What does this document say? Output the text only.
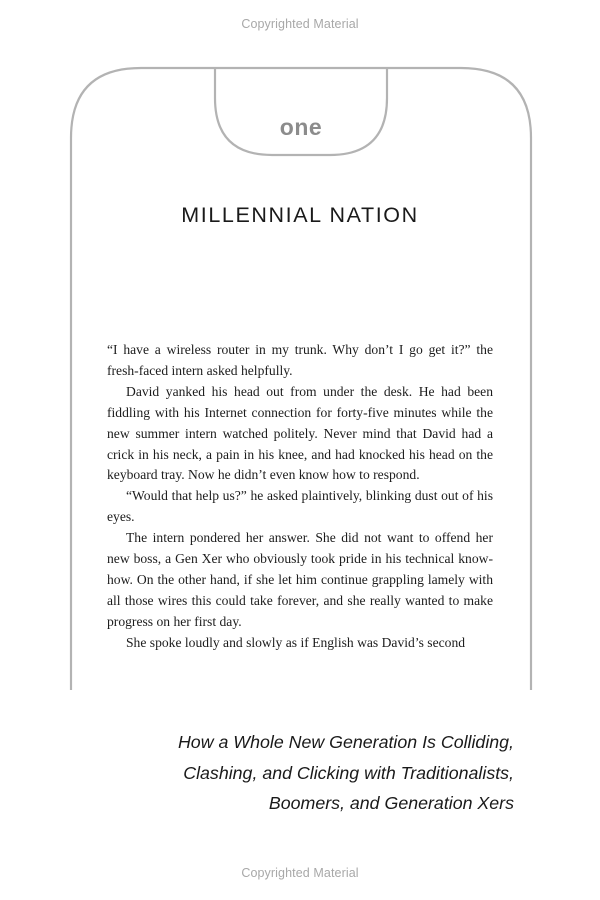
Copyrighted Material
one
MILLENNIAL NATION

“I have a wireless router in my trunk. Why don’t I go get it?” the fresh-faced intern asked helpfully.

David yanked his head out from under the desk. He had been fiddling with his Internet connection for forty-five minutes while the new summer intern watched politely. Never mind that David had a crick in his neck, a pain in his knee, and had knocked his head on the keyboard tray. Now he didn’t even know how to respond.

“Would that help us?” he asked plaintively, blinking dust out of his eyes.

The intern pondered her answer. She did not want to offend her new boss, a Gen Xer who obviously took pride in his technical know-how. On the other hand, if she let him continue grappling lamely with all those wires this could take forever, and she really wanted to make progress on her first day.

She spoke loudly and slowly as if English was David’s second

How a Whole New Generation Is Colliding,
Clashing, and Clicking with Traditionalists,
Boomers, and Generation Xers
Copyrighted Material
